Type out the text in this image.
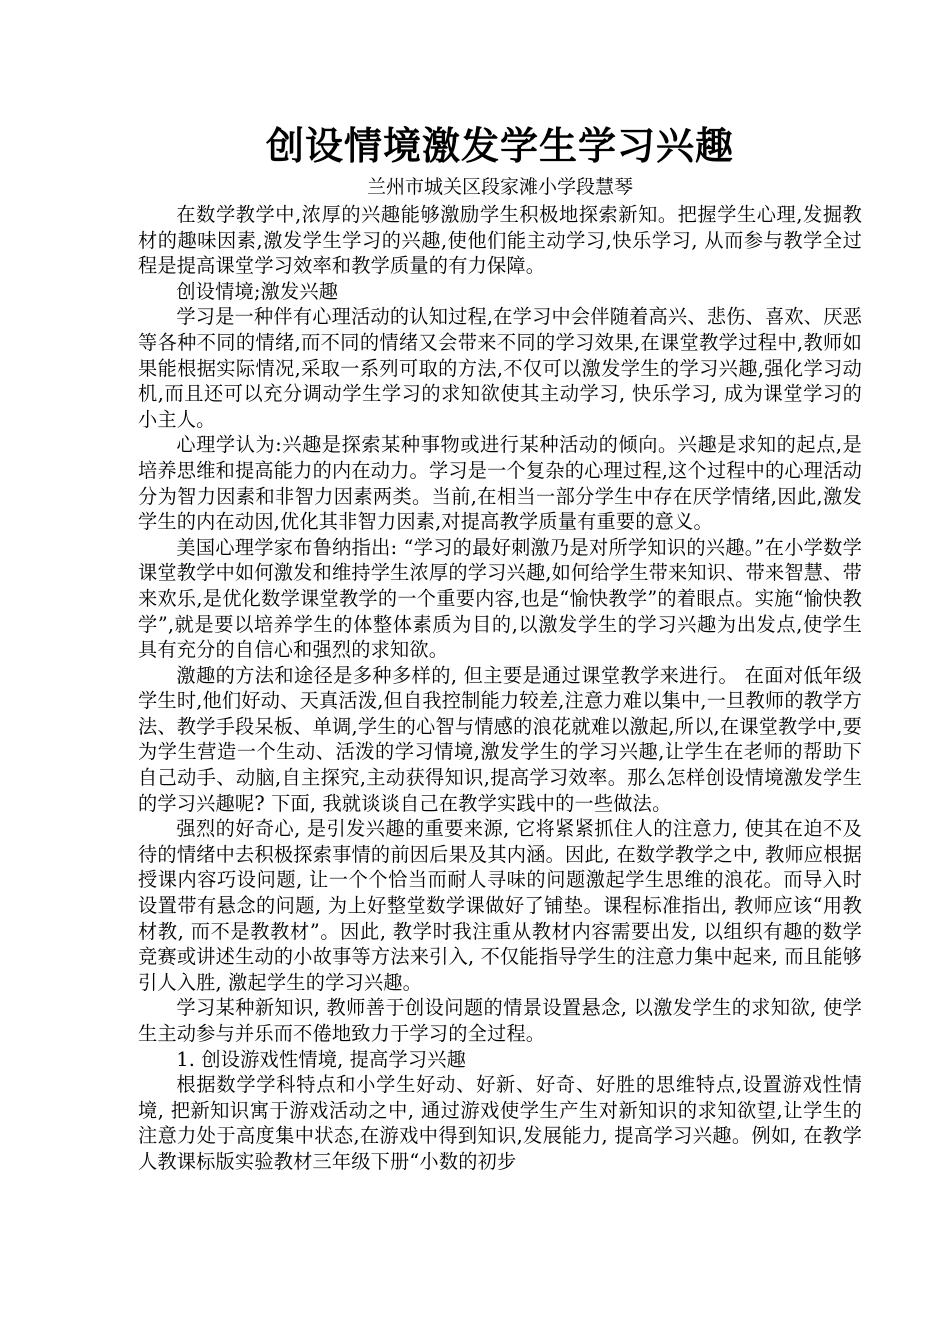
创设情境激发学生学习兴趣
兰州市城关区段家滩小学段慧琴

在数学教学中,浓厚的兴趣能够激励学生积极地探索新知。把握学生心理,发掘教材的趣味因素,激发学生学习的兴趣,使他们能主动学习,快乐学习, 从而参与教学全过程是提高课堂学习效率和教学质量的有力保障。

创设情境;激发兴趣

学习是一种伴有心理活动的认知过程,在学习中会伴随着高兴、悲伤、喜欢、厌恶等各种不同的情绪,而不同的情绪又会带来不同的学习效果,在课堂教学过程中,教师如果能根据实际情况,采取一系列可取的方法,不仅可以激发学生的学习兴趣,强化学习动机,而且还可以充分调动学生学习的求知欲使其主动学习, 快乐学习, 成为课堂学习的小主人。

心理学认为:兴趣是探索某种事物或进行某种活动的倾向。兴趣是求知的起点,是培养思维和提高能力的内在动力。学习是一个复杂的心理过程,这个过程中的心理活动分为智力因素和非智力因素两类。当前,在相当一部分学生中存在厌学情绪,因此,激发学生的内在动因,优化其非智力因素,对提高教学质量有重要的意义。

美国心理学家布鲁纳指出: “学习的最好刺激乃是对所学知识的兴趣。”在小学数学课堂教学中如何激发和维持学生浓厚的学习兴趣,如何给学生带来知识、带来智慧、带来欢乐,是优化数学课堂教学的一个重要内容,也是“愉快教学”的着眼点。实施“愉快教学”,就是要以培养学生的体整体素质为目的,以激发学生的学习兴趣为出发点,使学生具有充分的自信心和强烈的求知欲。

激趣的方法和途径是多种多样的, 但主要是通过课堂教学来进行。 在面对低年级学生时,他们好动、天真活泼,但自我控制能力较差,注意力难以集中,一旦教师的教学方法、教学手段呆板、单调,学生的心智与情感的浪花就难以激起,所以,在课堂教学中,要为学生营造一个生动、活泼的学习情境,激发学生的学习兴趣,让学生在老师的帮助下自己动手、动脑,自主探究,主动获得知识,提高学习效率。那么怎样创设情境激发学生的学习兴趣呢? 下面, 我就谈谈自己在教学实践中的一些做法。

强烈的好奇心, 是引发兴趣的重要来源, 它将紧紧抓住人的注意力, 使其在迫不及待的情绪中去积极探索事情的前因后果及其内涵。因此, 在数学教学之中, 教师应根据授课内容巧设问题, 让一个个恰当而耐人寻味的问题激起学生思维的浪花。而导入时设置带有悬念的问题, 为上好整堂数学课做好了铺垫。课程标准指出, 教师应该“用教材教, 而不是教教材”。因此, 教学时我注重从教材内容需要出发, 以组织有趣的数学竞赛或讲述生动的小故事等方法来引入, 不仅能指导学生的注意力集中起来, 而且能够引人入胜, 激起学生的学习兴趣。

学习某种新知识, 教师善于创设问题的情景设置悬念, 以激发学生的求知欲, 使学生主动参与并乐而不倦地致力于学习的全过程。

1. 创设游戏性情境, 提高学习兴趣

根据数学学科特点和小学生好动、好新、好奇、好胜的思维特点,设置游戏性情境, 把新知识寓于游戏活动之中, 通过游戏使学生产生对新知识的求知欲望,让学生的注意力处于高度集中状态,在游戏中得到知识,发展能力, 提高学习兴趣。例如, 在教学人教课标版实验教材三年级下册“小数的初步
